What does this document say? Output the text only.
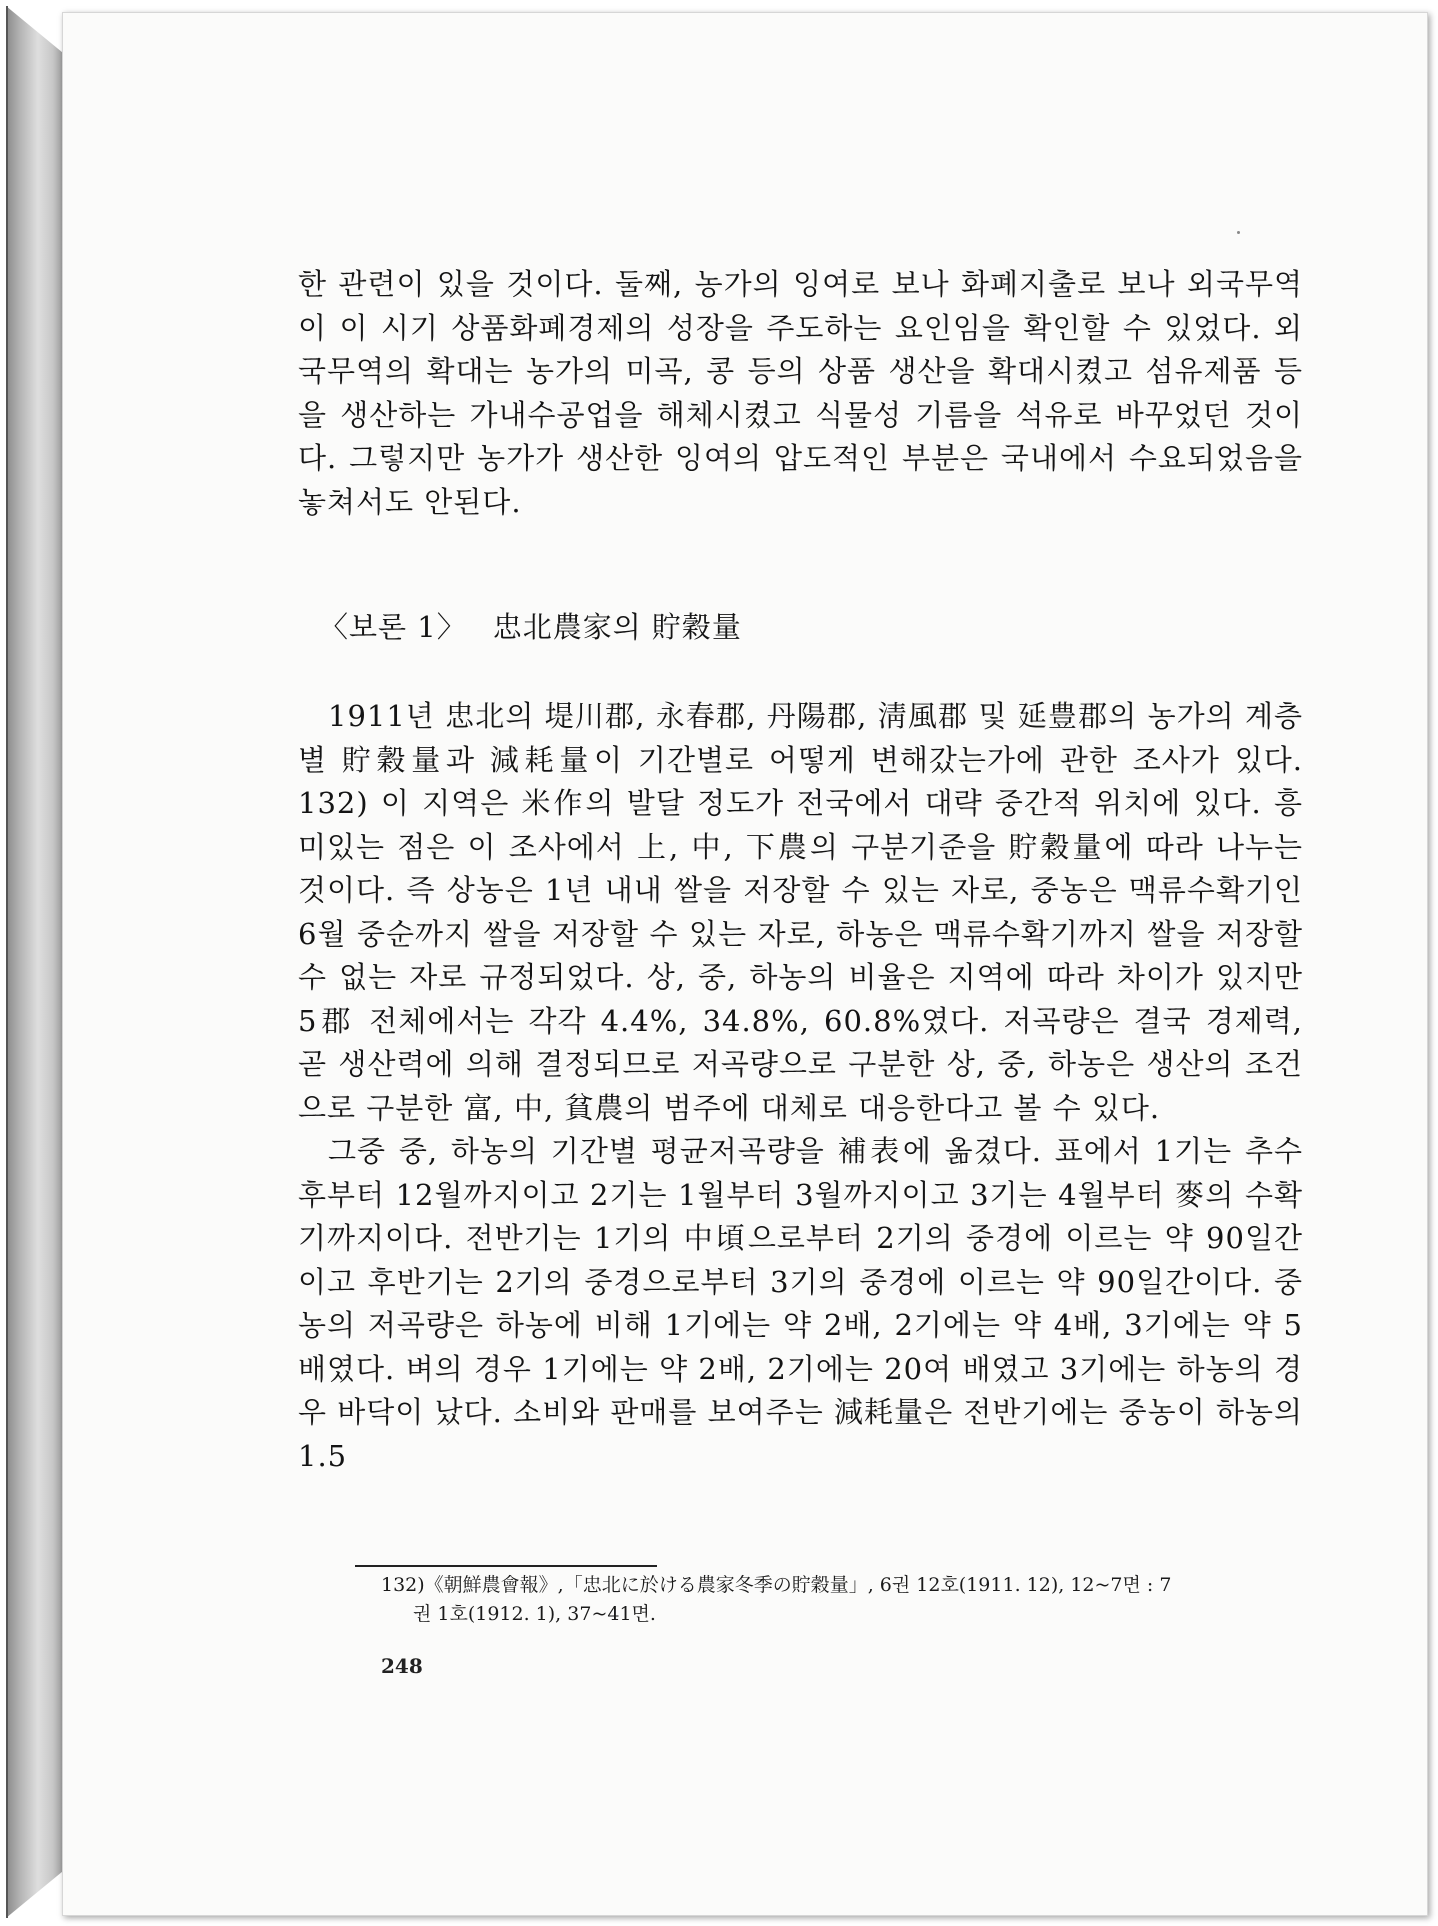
한 관련이 있을 것이다. 둘째, 농가의 잉여로 보나 화폐지출로 보나 외국무역이 이 시기 상품화폐경제의 성장을 주도하는 요인임을 확인할 수 있었다. 외국무역의 확대는 농가의 미곡, 콩 등의 상품 생산을 확대시켰고 섬유제품 등을 생산하는 가내수공업을 해체시켰고 식물성 기름을 석유로 바꾸었던 것이다. 그렇지만 농가가 생산한 잉여의 압도적인 부분은 국내에서 수요되었음을 놓쳐서도 안된다.

〈보론 1〉 忠北農家의 貯穀量

1911년 忠北의 堤川郡, 永春郡, 丹陽郡, 淸風郡 및 延豊郡의 농가의 계층별 貯穀量과 減耗量이 기간별로 어떻게 변해갔는가에 관한 조사가 있다. 132) 이 지역은 米作의 발달 정도가 전국에서 대략 중간적 위치에 있다. 흥미있는 점은 이 조사에서 上, 中, 下農의 구분기준을 貯穀量에 따라 나누는 것이다. 즉 상농은 1년 내내 쌀을 저장할 수 있는 자로, 중농은 맥류수확기인 6월 중순까지 쌀을 저장할 수 있는 자로, 하농은 맥류수확기까지 쌀을 저장할 수 없는 자로 규정되었다. 상, 중, 하농의 비율은 지역에 따라 차이가 있지만 5郡 전체에서는 각각 4.4%, 34.8%, 60.8%였다. 저곡량은 결국 경제력, 곧 생산력에 의해 결정되므로 저곡량으로 구분한 상, 중, 하농은 생산의 조건으로 구분한 富, 中, 貧農의 범주에 대체로 대응한다고 볼 수 있다.

그중 중, 하농의 기간별 평균저곡량을 補表에 옮겼다. 표에서 1기는 추수후부터 12월까지이고 2기는 1월부터 3월까지이고 3기는 4월부터 麥의 수확기까지이다. 전반기는 1기의 中頃으로부터 2기의 중경에 이르는 약 90일간이고 후반기는 2기의 중경으로부터 3기의 중경에 이르는 약 90일간이다. 중농의 저곡량은 하농에 비해 1기에는 약 2배, 2기에는 약 4배, 3기에는 약 5배였다. 벼의 경우 1기에는 약 2배, 2기에는 20여 배였고 3기에는 하농의 경우 바닥이 났다. 소비와 판매를 보여주는 減耗量은 전반기에는 중농이 하농의 1.5

132)《朝鮮農會報》,「忠北に於ける農家冬季の貯穀量」, 6권 12호(1911. 12), 12~7면 : 7
권 1호(1912. 1), 37~41면.
248
